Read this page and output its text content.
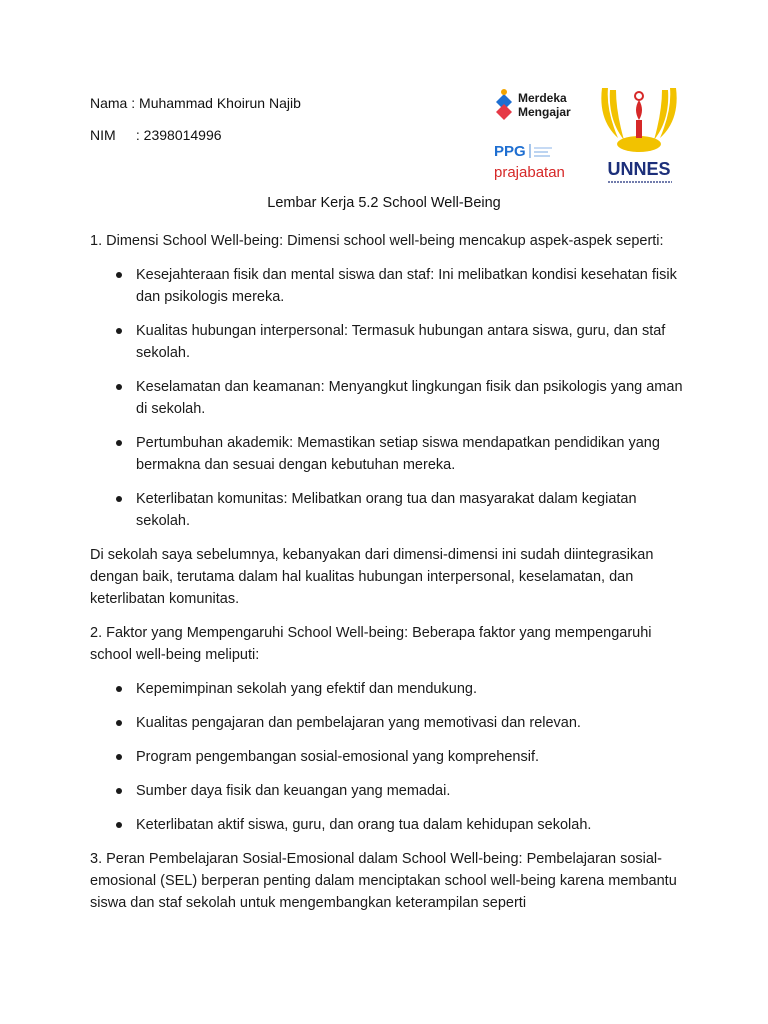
Nama : Muhammad Khoirun Najib
NIM : 2398014996
Merdeka
Mengajar
PPG
prajabatan UNNES
Lembar Kerja 5.2 School Well-Being

1. Dimensi School Well-being: Dimensi school well-being mencakup aspek-aspek seperti:

Kesejahteraan fisik dan mental siswa dan staf: Ini melibatkan kondisi kesehatan fisik dan psikologis mereka.
Kualitas hubungan interpersonal: Termasuk hubungan antara siswa, guru, dan staf sekolah.
Keselamatan dan keamanan: Menyangkut lingkungan fisik dan psikologis yang aman di sekolah.
Pertumbuhan akademik: Memastikan setiap siswa mendapatkan pendidikan yang bermakna dan sesuai dengan kebutuhan mereka.
Keterlibatan komunitas: Melibatkan orang tua dan masyarakat dalam kegiatan sekolah.

Di sekolah saya sebelumnya, kebanyakan dari dimensi-dimensi ini sudah diintegrasikan dengan baik, terutama dalam hal kualitas hubungan interpersonal, keselamatan, dan keterlibatan komunitas.

2. Faktor yang Mempengaruhi School Well-being: Beberapa faktor yang mempengaruhi school well-being meliputi:

Kepemimpinan sekolah yang efektif dan mendukung.
Kualitas pengajaran dan pembelajaran yang memotivasi dan relevan.
Program pengembangan sosial-emosional yang komprehensif.
Sumber daya fisik dan keuangan yang memadai.
Keterlibatan aktif siswa, guru, dan orang tua dalam kehidupan sekolah.

3. Peran Pembelajaran Sosial-Emosional dalam School Well-being: Pembelajaran sosial-emosional (SEL) berperan penting dalam menciptakan school well-being karena membantu siswa dan staf sekolah untuk mengembangkan keterampilan seperti
